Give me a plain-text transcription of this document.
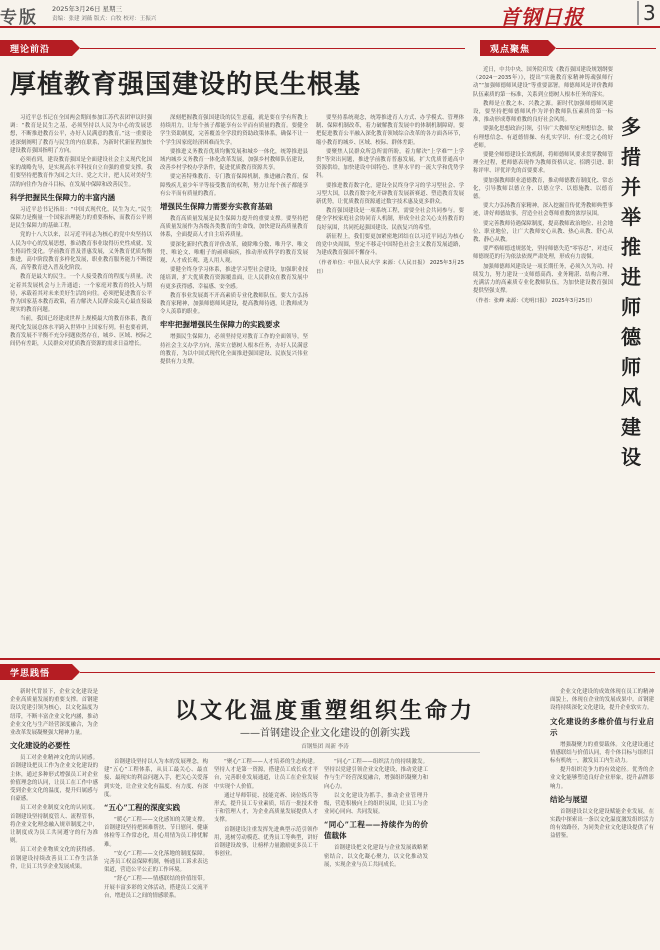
专版 2025年3月26日 星期三
责编：张建 刘薇 版式：白牧 校对：王振兴	首钢日报	3
理论前沿
厚植教育强国建设的民生根基

习近平总书记在全国两会期间参加江苏代表团审议时强调：“教育是民生之基，必须坚持以人民为中心的发展思想，不断推进教育公平，办好人民满意的教育。”这一重要论述深刻阐明了教育与民生的内在联系，为新时代新征程加快建设教育强国指明了方向。

必须看到，建设教育强国是全面建设社会主义现代化国家的战略先导，是实现高水平科技自立自强的重要支撑。我们要坚持把教育作为国之大计、党之大计，把人民对美好生活的向往作为奋斗目标，在发展中保障和改善民生。

科学把握民生保障力的丰富内涵

习近平总书记指出：“中国式现代化，民生为大。”民生保障力是衡量一个国家治理能力的重要指标，而教育公平则是民生保障力的基础工程。

党的十八大以来，以习近平同志为核心的党中央坚持以人民为中心的发展思想，推动教育事业取得历史性成就、发生格局性变化。学前教育普及普惠发展，义务教育优质均衡推进，高中阶段教育多样化发展，职业教育服务能力不断提高，高等教育进入普及化阶段。

教育是最大的民生。一个人接受教育的程度与质量，决定着其发展机会与上升通道；一个家庭对教育的投入与期待，承载着其对未来美好生活的向往。必须把促进教育公平作为国家基本教育政策，着力解决人民群众最关心最直接最现实的教育问题。

当前，我国已经建成世界上规模最大的教育体系，教育现代化发展总体水平跨入世界中上国家行列。但也要看到，教育发展不平衡不充分问题依然存在，城乡、区域、校际之间仍有差距，人民群众对优质教育资源的需求日益增长。

深刻把握教育强国建设的民生意蕴，就是要在学有所教上持续用力，让每个孩子都能享有公平而有质量的教育。要健全学生资助制度，完善覆盖全学段的资助政策体系，确保不让一个学生因家庭经济困难而失学。

要推进义务教育优质均衡发展和城乡一体化，统筹推进县域内城乡义务教育一体化改革发展，加强乡村教师队伍建设，改善乡村学校办学条件，促进优质教育资源共享。

要完善特殊教育、专门教育保障机制，推进融合教育，保障残疾儿童少年平等接受教育的权利，努力让每个孩子都能享有公平而有质量的教育。

增强民生保障力需要夯实教育基础

教育高质量发展是民生保障力提升的重要支撑。要坚持把高质量发展作为各级各类教育的生命线，加快建设高质量教育体系，全面提高人才自主培养质量。

要深化新时代教育评价改革，破除唯分数、唯升学、唯文凭、唯论文、唯帽子的顽瘴痼疾，推动形成科学的教育发展观、人才成长观、选人用人观。

要健全终身学习体系，推进学习型社会建设，加强职业技能培训，扩大优质教育资源覆盖面，让人民群众在教育发展中有更多获得感、幸福感、安全感。

教育事业发展离不开高素质专业化教师队伍。要大力弘扬教育家精神，加强师德师风建设，提高教师待遇，让教师成为令人羡慕的职业。

牢牢把握增强民生保障力的实践要求

增强民生保障力，必须坚持党对教育工作的全面领导，坚持社会主义办学方向，落实立德树人根本任务，办好人民满意的教育，为以中国式现代化全面推进强国建设、民族复兴伟业提供有力支撑。

要坚持系统观念，统筹推进育人方式、办学模式、管理体制、保障机制改革，着力破解教育发展中的体制机制障碍。要把促进教育公平融入深化教育领域综合改革的各方面各环节，缩小教育的城乡、区域、校际、群体差距。

要聚焦人民群众所急所需所盼，着力解决“上学难”“上学贵”等突出问题，推进学前教育普惠发展，扩大优质普通高中资源供给，加快建设中国特色、世界水平的一流大学和优势学科。

要推进教育数字化，建设全民终身学习的学习型社会、学习型大国，以教育数字化开辟教育发展新赛道、塑造教育发展新优势，让优质教育资源通过数字技术惠及更多群众。

教育强国建设是一项系统工程，需要全社会共同参与。要健全学校家庭社会协同育人机制，形成全社会关心支持教育的良好氛围，共同托起强国建设、民族复兴的希望。

新征程上，我们要更加紧密地团结在以习近平同志为核心的党中央周围，坚定不移走中国特色社会主义教育发展道路，为建成教育强国不懈奋斗。

（作者单位：中国人民大学 来源：《人民日报》 2025年3月25日）
观点聚焦

近日，中共中央、国务院印发《教育强国建设规划纲要（2024－2035年）》，提出“实施教育家精神铸魂强师行动”“加强师德师风建设”等重要部署。师德师风是评价教师队伍素质的第一标准，关系到立德树人根本任务的落实。

教师是立教之本、兴教之源。新时代加强师德师风建设，要坚持把师德师风作为评价教师队伍素质的第一标准，推动形成尊师重教的良好社会风尚。

要强化思想政治引领，引导广大教师坚定理想信念，做有理想信念、有道德情操、有扎实学识、有仁爱之心的好老师。

要健全师德建设长效机制，将师德师风要求贯穿教师管理全过程，把师德表现作为教师资格认定、招聘引进、职称评审、评优评先的首要要求。

要加强教师职业道德教育，推动师德教育制度化、常态化，引导教师以德立身、以德立学、以德施教、以德育德。

要大力弘扬教育家精神，深入挖掘宣传优秀教师典型事迹，讲好师德故事，营造全社会尊师重教的浓厚氛围。

要完善教师待遇保障制度，提高教师政治地位、社会地位、职业地位，让广大教师安心从教、热心从教、舒心从教、静心从教。

要严格师德违规惩处，坚持师德失范“零容忍”，对违反师德规范的行为依法依规严肃处理，形成有力震慑。

加强师德师风建设是一项长期任务，必须久久为功、持续发力，努力建设一支师德高尚、业务精湛、结构合理、充满活力的高素质专业化教师队伍，为加快建设教育强国提供坚强支撑。

（作者：张峰 来源：《光明日报》 2025年3月25日）
多
措
并
举
推
进
师
德
师
风
建
设
学思践悟
以文化温度重塑组织生命力
——首钢建设企业文化建设的创新实践
首钢集团 周新 李涛

新时代背景下，企业文化建设是企业高质量发展的重要支撑。首钢建设以党建引领为核心，以文化温度为纽带，不断丰富企业文化内涵，推动企业文化与生产经营深度融合，为企业改革发展凝聚强大精神力量。

文化建设的必要性

员工对企业精神文化的认同感。首钢建设把员工作为企业文化建设的主体，通过多种形式增强员工对企业价值理念的认同，让员工在工作中感受到企业文化的温度，提升归属感与自豪感。

员工对企业制度文化的认同度。首钢建设坚持制度管人、流程管事，将企业文化理念融入规章制度之中，让制度成为员工共同遵守的行为准则。

员工对企业物质文化的获得感。首钢建设持续改善员工工作生活条件，让员工共享企业发展成果。

首钢建设坚持以人为本的发展理念，构建“五心”工程体系，从员工最关心、最直接、最现实的利益问题入手，把关心关爱落到实处，让企业文化有温度、有力度、有深度。

“五心”工程的深度实践

“暖心”工程——文化感知的关键支撑。首钢建设坚持把困难帮扶、节日慰问、健康体检等工作常态化，用心用情为员工排忧解难。

“安心”工程——文化落地的制度保障。完善员工权益保障机制，畅通员工诉求表达渠道，营造公平公正的工作环境。

“舒心”工程——情感联结的价值纽带。开展丰富多彩的文体活动，搭建员工交流平台，增进员工之间的情感联系。

“聚心”工程——人才培养的生态构建。坚持人才是第一资源，搭建员工成长成才平台，完善职业发展通道，让员工在企业发展中实现个人价值。

通过导师带徒、技能竞赛、岗位练兵等形式，提升员工专业素质，培育一批技术骨干和管理人才，为企业高质量发展提供人才支撑。

首钢建设注重发挥先进典型示范引领作用，选树劳动模范、优秀员工等典型，讲好首钢建设故事，让榜样力量激励更多员工干事创业。

“同心”工程——组织活力的持续激发。坚持以党建引领企业文化建设，推动党建工作与生产经营深度融合，增强组织凝聚力和向心力。

以文化建设为抓手，推动企业管理升级，营造积极向上的组织氛围，让员工与企业同心同向、共同发展。

“同心”工程——持续作为的价值载体

首钢建设把文化建设与企业发展战略紧密结合，以文化凝心聚力，以文化推动发展，实现企业与员工共同成长。

企业文化建设的成效体现在员工的精神面貌上，体现在企业的发展成果中。首钢建设将持续深化文化建设，提升企业软实力。

文化建设的多维价值与行业启示

增强凝聚力的重要载体。文化建设通过情感联结与价值认同，将个体目标与组织目标有机统一，激发员工内生动力。

提升组织竞争力的有效途径。优秀的企业文化能够塑造良好企业形象，提升品牌影响力。

结论与展望

首钢建设以文化建设赋能企业发展，在实践中探索出一条以文化温度激发组织活力的有效路径，为同类企业文化建设提供了有益借鉴。
